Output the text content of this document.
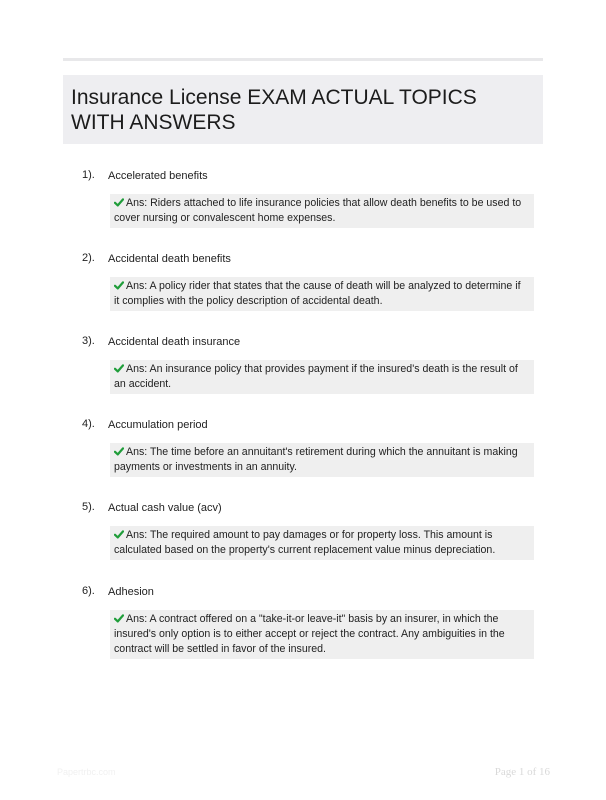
Insurance License EXAM ACTUAL TOPICS WITH ANSWERS
1). Accelerated benefits
Ans: Riders attached to life insurance policies that allow death benefits to be used to cover nursing or convalescent home expenses.
2). Accidental death benefits
Ans: A policy rider that states that the cause of death will be analyzed to determine if it complies with the policy description of accidental death.
3). Accidental death insurance
Ans: An insurance policy that provides payment if the insured's death is the result of an accident.
4). Accumulation period
Ans: The time before an annuitant's retirement during which the annuitant is making payments or investments in an annuity.
5). Actual cash value (acv)
Ans: The required amount to pay damages or for property loss. This amount is calculated based on the property's current replacement value minus depreciation.
6). Adhesion
Ans: A contract offered on a "take-it-or leave-it" basis by an insurer, in which the insured's only option is to either accept or reject the contract. Any ambiguities in the contract will be settled in favor of the insured.
Papertrbc.com	Page 1 of 16
